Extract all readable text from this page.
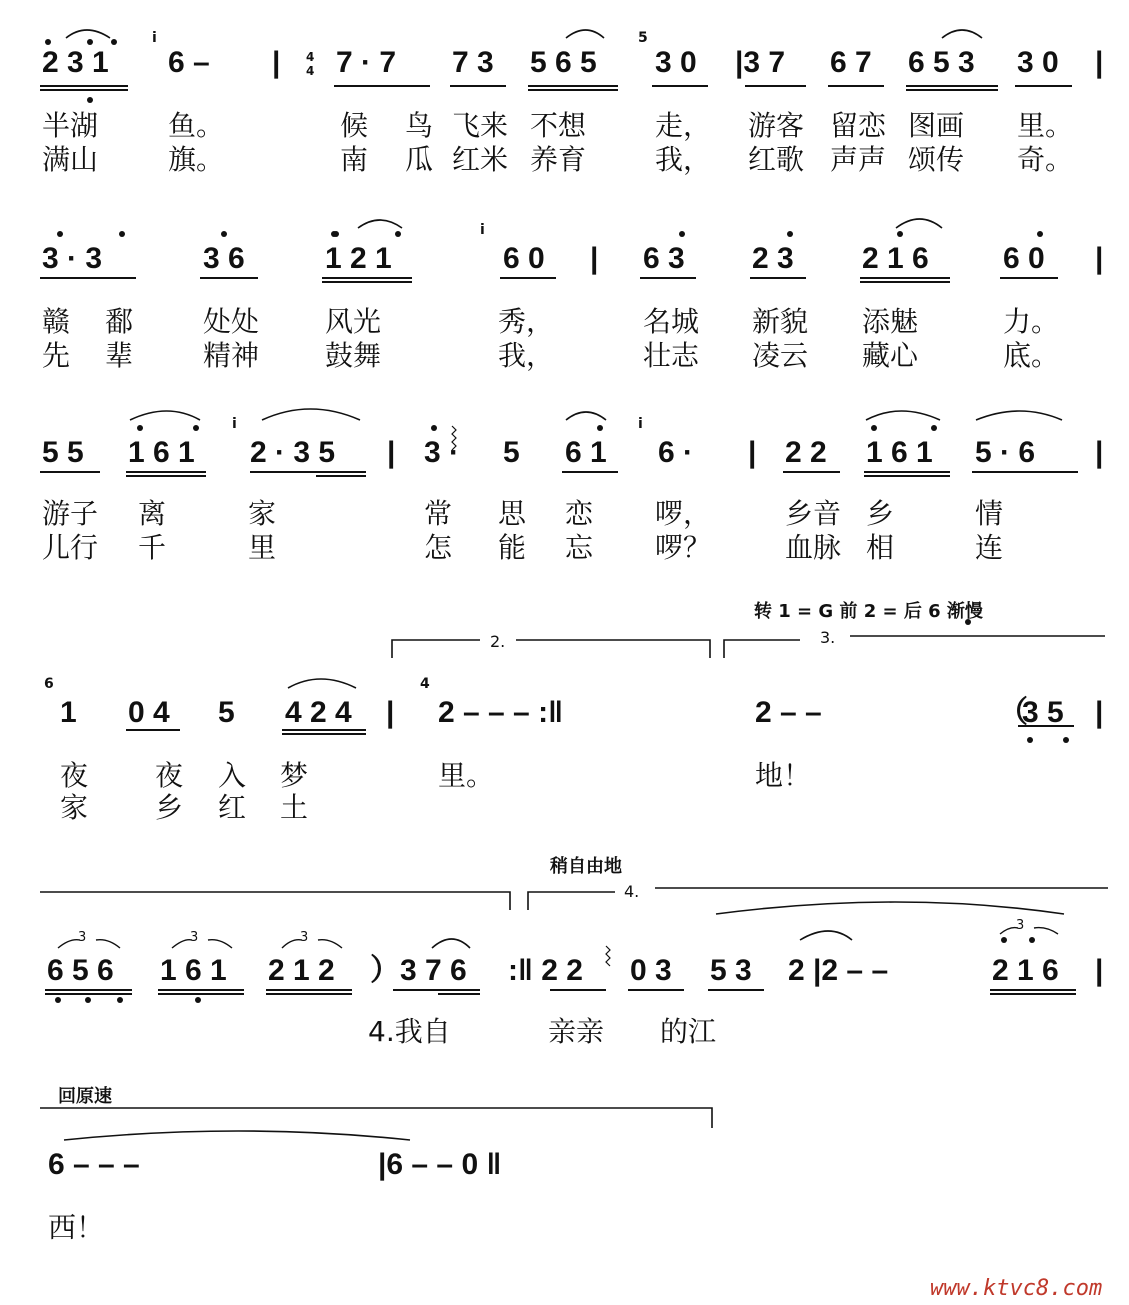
2 3 1 6 – | 7 · 7 7 3 5 6 5 3 0 |3 7 6 7 6 5 3 3 0 |
半湖 鱼。	候 鸟 飞来 不想 走， 游客 留恋 图画 里。
满山 旗。	南 瓜 红米 养育 我， 红歌 声声 颂传 奇。
3 · 3	3 6	1 2 1	6 0 | 6 3 2 3 2 1 6 6 0 |
赣 鄱 处处 风光	秀，	名城 新貌 添魅	力。
先 辈 精神 鼓舞	我，	壮志 凌云 藏心	底。
5 5 1 6 1 2 · 3 5 | 3 · 5 6 1 6 · | 2 2 1 6 1 5 · 6 |
游子 离	家	常 思 恋 啰，	乡音 乡	情
儿行 千	里	怎 能 忘 啰？	血脉 相	连
1 0 4 5 4 2 4 | 2 – – – :‖	2 – –	（
3 5 |
夜 夜 入 梦	里。	地！
家 乡 红 土
6 5 6 1 6 1 2 1 2 ）3 7 6 :‖ 2 2 0 3 5 3 2 |2 – –	2 1 6 |
4.我自	亲亲 的江
6 – – –	|6 – – 0 ‖
西！
i	5
i
i	i
6	4
3	3	3
3
转 1 = G 前 2 = 后 6 渐慢
2.	3.
稍自由地
4.
回原速
4
4
www.ktvc8.com
